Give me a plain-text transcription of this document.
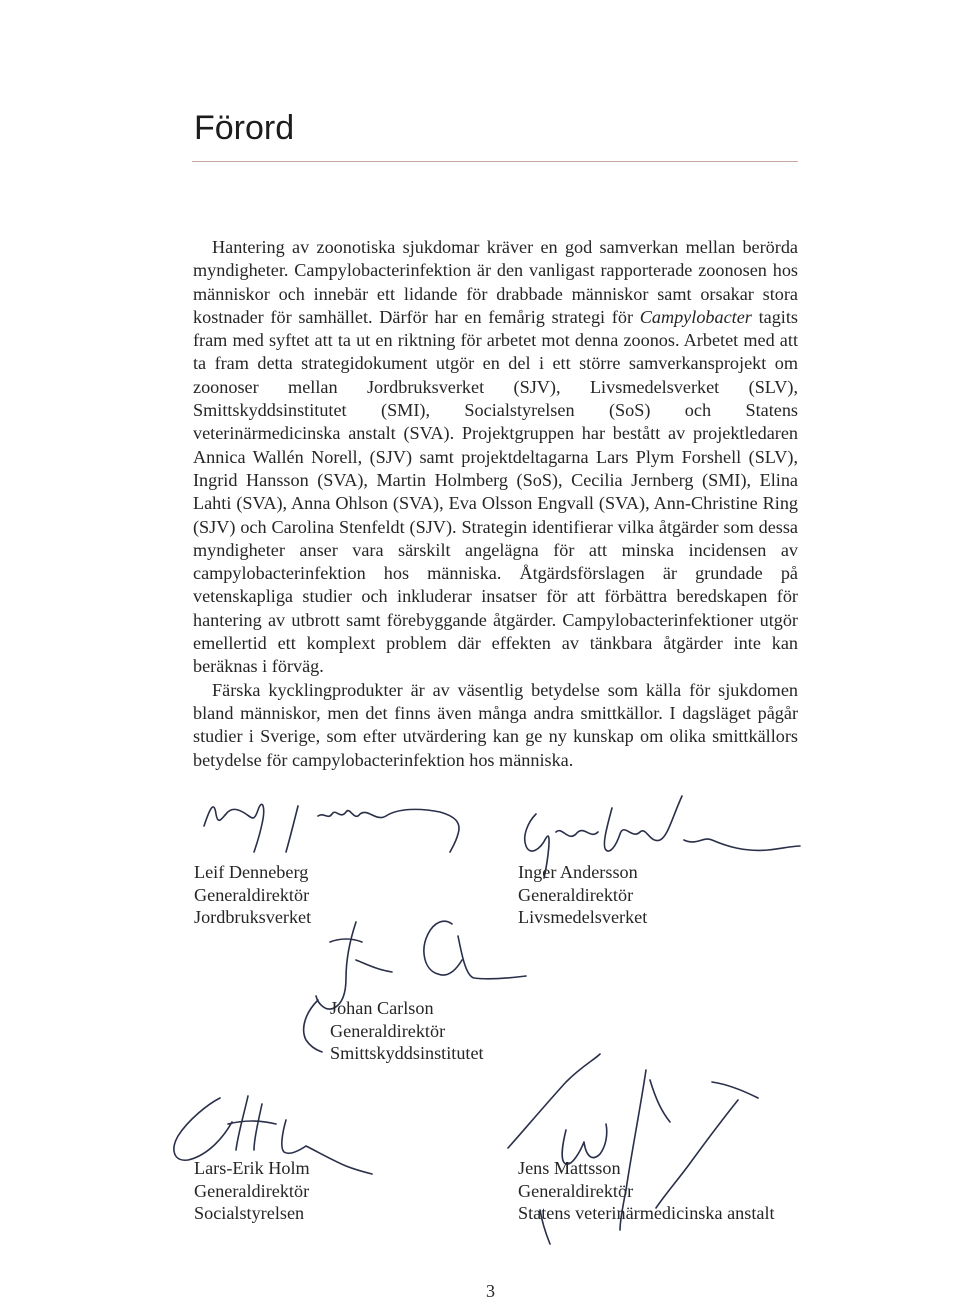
Förord

Hantering av zoonotiska sjukdomar kräver en god samverkan mellan berörda myndigheter. Campylobacterinfektion är den vanligast rapporterade zoonosen hos människor och innebär ett lidande för drabbade människor samt orsakar stora kostnader för samhället. Därför har en femårig strategi för Campylobacter tagits fram med syftet att ta ut en riktning för arbetet mot denna zoonos. Arbetet med att ta fram detta strategidokument utgör en del i ett större samverkansprojekt om zoonoser mellan Jordbruksverket (SJV), Livsmedelsverket (SLV), Smittskyddsinstitutet (SMI), Socialstyrelsen (SoS) och Statens veterinärmedicinska anstalt (SVA). Projektgruppen har bestått av projektledaren Annica Wallén Norell, (SJV) samt projektdeltagarna Lars Plym Forshell (SLV), Ingrid Hansson (SVA), Martin Holmberg (SoS), Cecilia Jernberg (SMI), Elina Lahti (SVA), Anna Ohlson (SVA), Eva Olsson Engvall (SVA), Ann-Christine Ring (SJV) och Carolina Stenfeldt (SJV). Strategin identifierar vilka åtgärder som dessa myndigheter anser vara särskilt angelägna för att minska incidensen av campylobacterinfektion hos människa. Åtgärdsförslagen är grundade på vetenskapliga studier och inkluderar insatser för att förbättra beredskapen för hantering av utbrott samt förebyggande åtgärder. Campylobacterinfektioner utgör emellertid ett komplext problem där effekten av tänkbara åtgärder inte kan beräknas i förväg.

Färska kycklingprodukter är av väsentlig betydelse som källa för sjukdomen bland människor, men det finns även många andra smittkällor. I dagsläget pågår studier i Sverige, som efter utvärdering kan ge ny kunskap om olika smittkällors betydelse för campylobacterinfektion hos människa.

Leif Denneberg
Generaldirektör
Jordbruksverket
Inger Andersson
Generaldirektör
Livsmedelsverket
Johan Carlson
Generaldirektör
Smittskyddsinstitutet
Lars-Erik Holm
Generaldirektör
Socialstyrelsen
Jens Mattsson
Generaldirektör
Statens veterinärmedicinska anstalt
3
